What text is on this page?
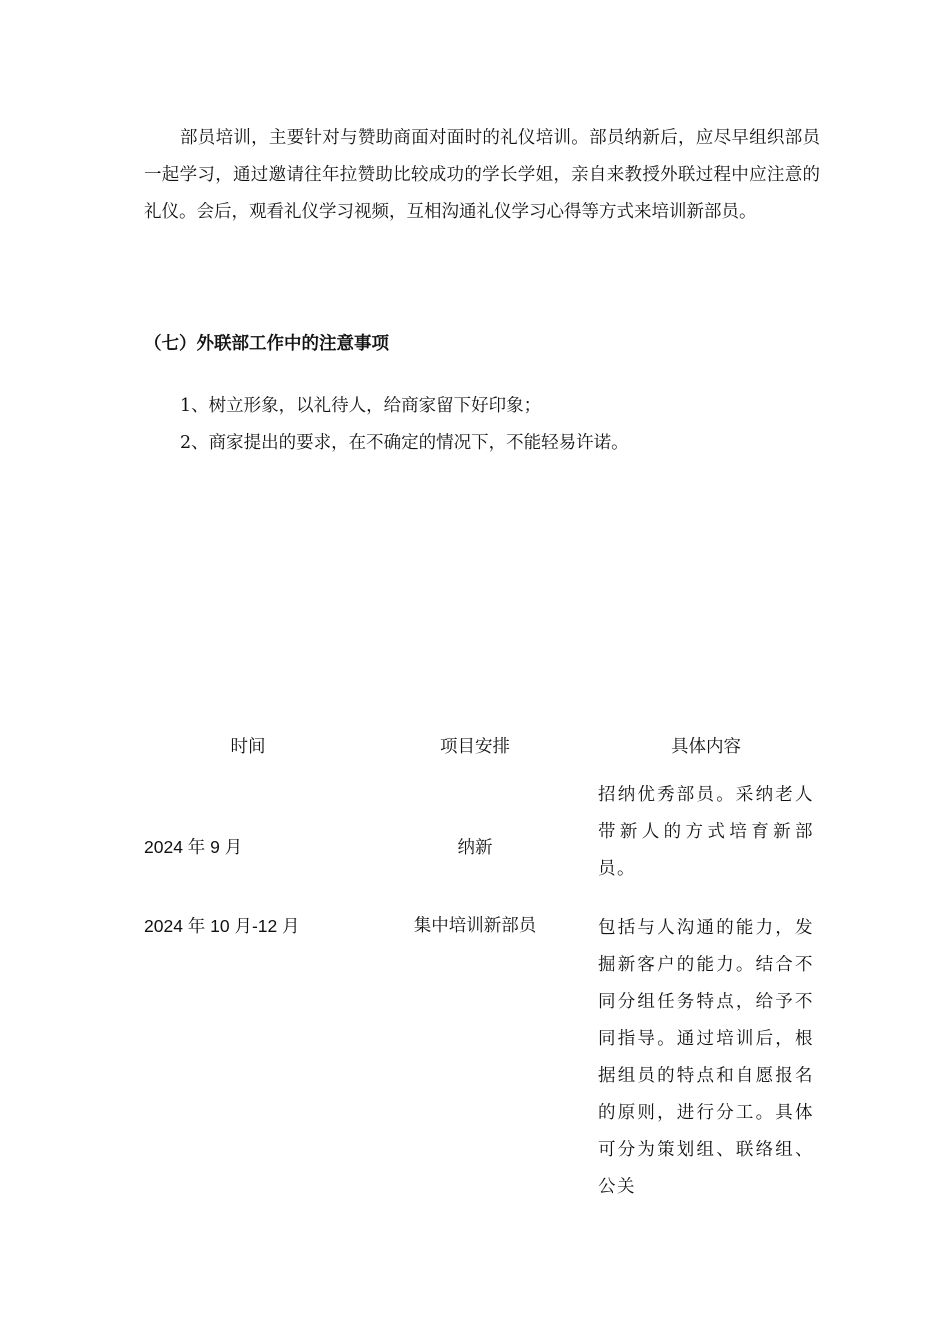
部员培训，主要针对与赞助商面对面时的礼仪培训。部员纳新后，应尽早组织部员一起学习，通过邀请往年拉赞助比较成功的学长学姐，亲自来教授外联过程中应注意的礼仪。会后，观看礼仪学习视频，互相沟通礼仪学习心得等方式来培训新部员。

（七）外联部工作中的注意事项
1、树立形象，以礼待人，给商家留下好印象；
2、商家提出的要求，在不确定的情况下，不能轻易许诺。
时间	项目安排	具体内容
2024 年 9 月	纳新	招纳优秀部员。采纳老人带新人的方式培育新部员。
2024 年 10 月-12 月	集中培训新部员	包括与人沟通的能力，发掘新客户的能力。结合不同分组任务特点，给予不同指导。通过培训后，根据组员的特点和自愿报名的原则，进行分工。具体可分为策划组、联络组、公关
